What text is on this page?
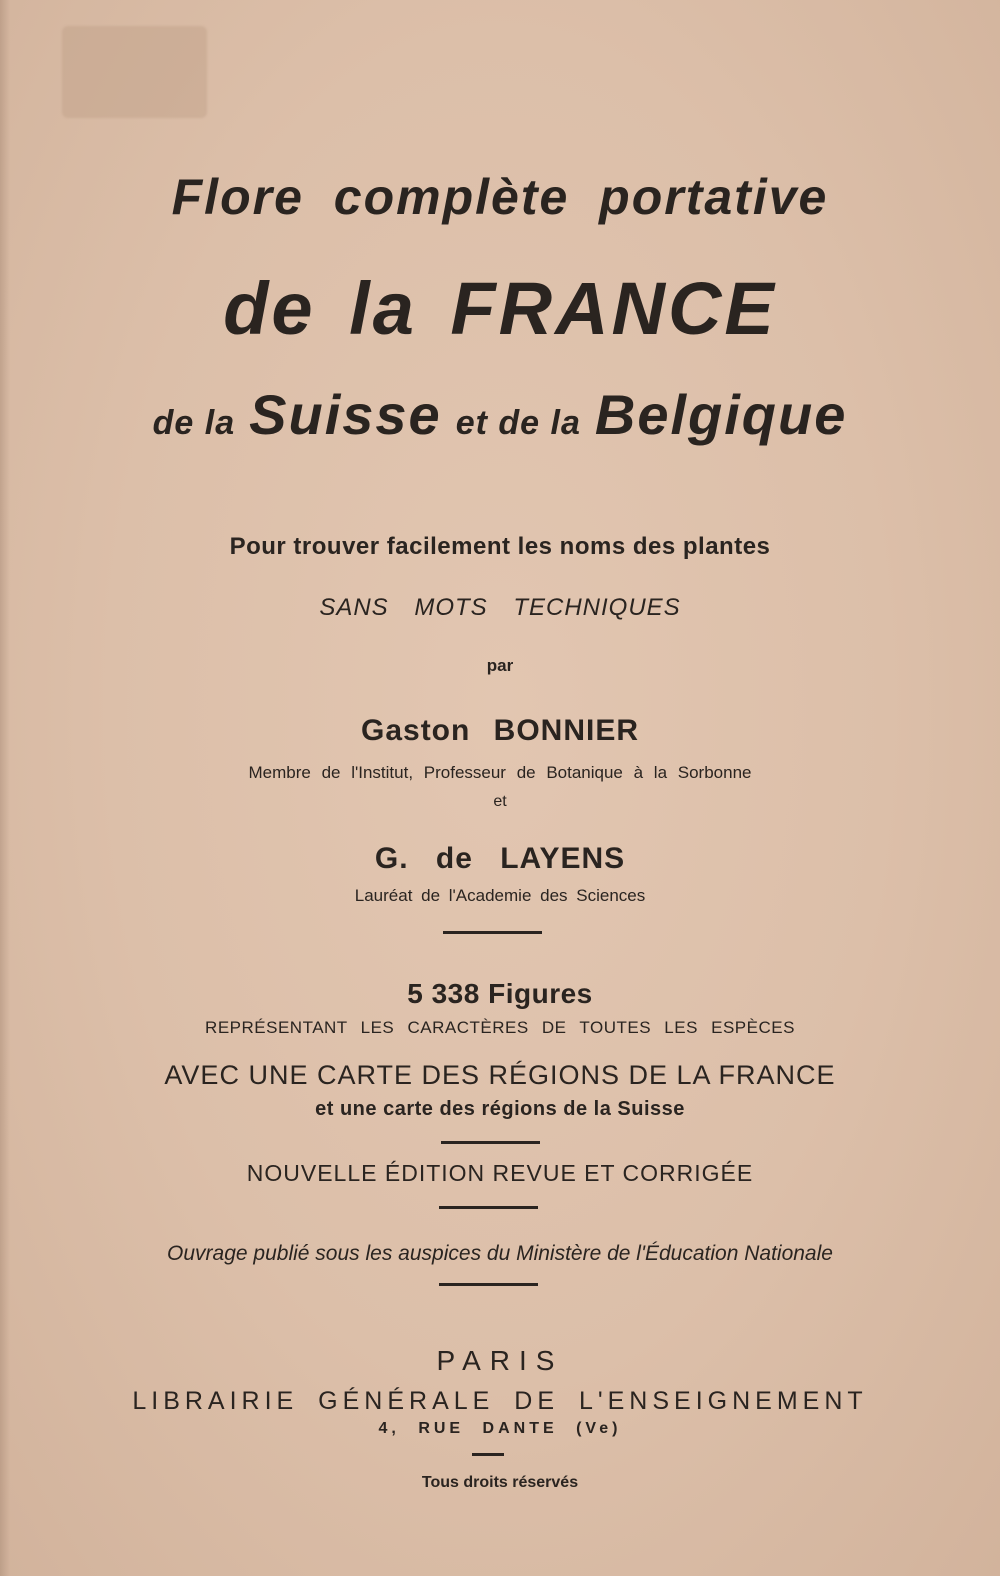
Flore complète portative
de la FRANCE
de la Suisse et de la Belgique
Pour trouver facilement les noms des plantes
SANS MOTS TECHNIQUES
par
Gaston BONNIER
Membre de l'Institut, Professeur de Botanique à la Sorbonne
et
G. de LAYENS
Lauréat de l'Academie des Sciences
5 338 Figures
REPRÉSENTANT LES CARACTÈRES DE TOUTES LES ESPÈCES
AVEC UNE CARTE DES RÉGIONS DE LA FRANCE
et une carte des régions de la Suisse
NOUVELLE ÉDITION REVUE ET CORRIGÉE
Ouvrage publié sous les auspices du Ministère de l'Éducation Nationale
PARIS
LIBRAIRIE GÉNÉRALE DE L'ENSEIGNEMENT
4, RUE DANTE (Ve)
Tous droits réservés
